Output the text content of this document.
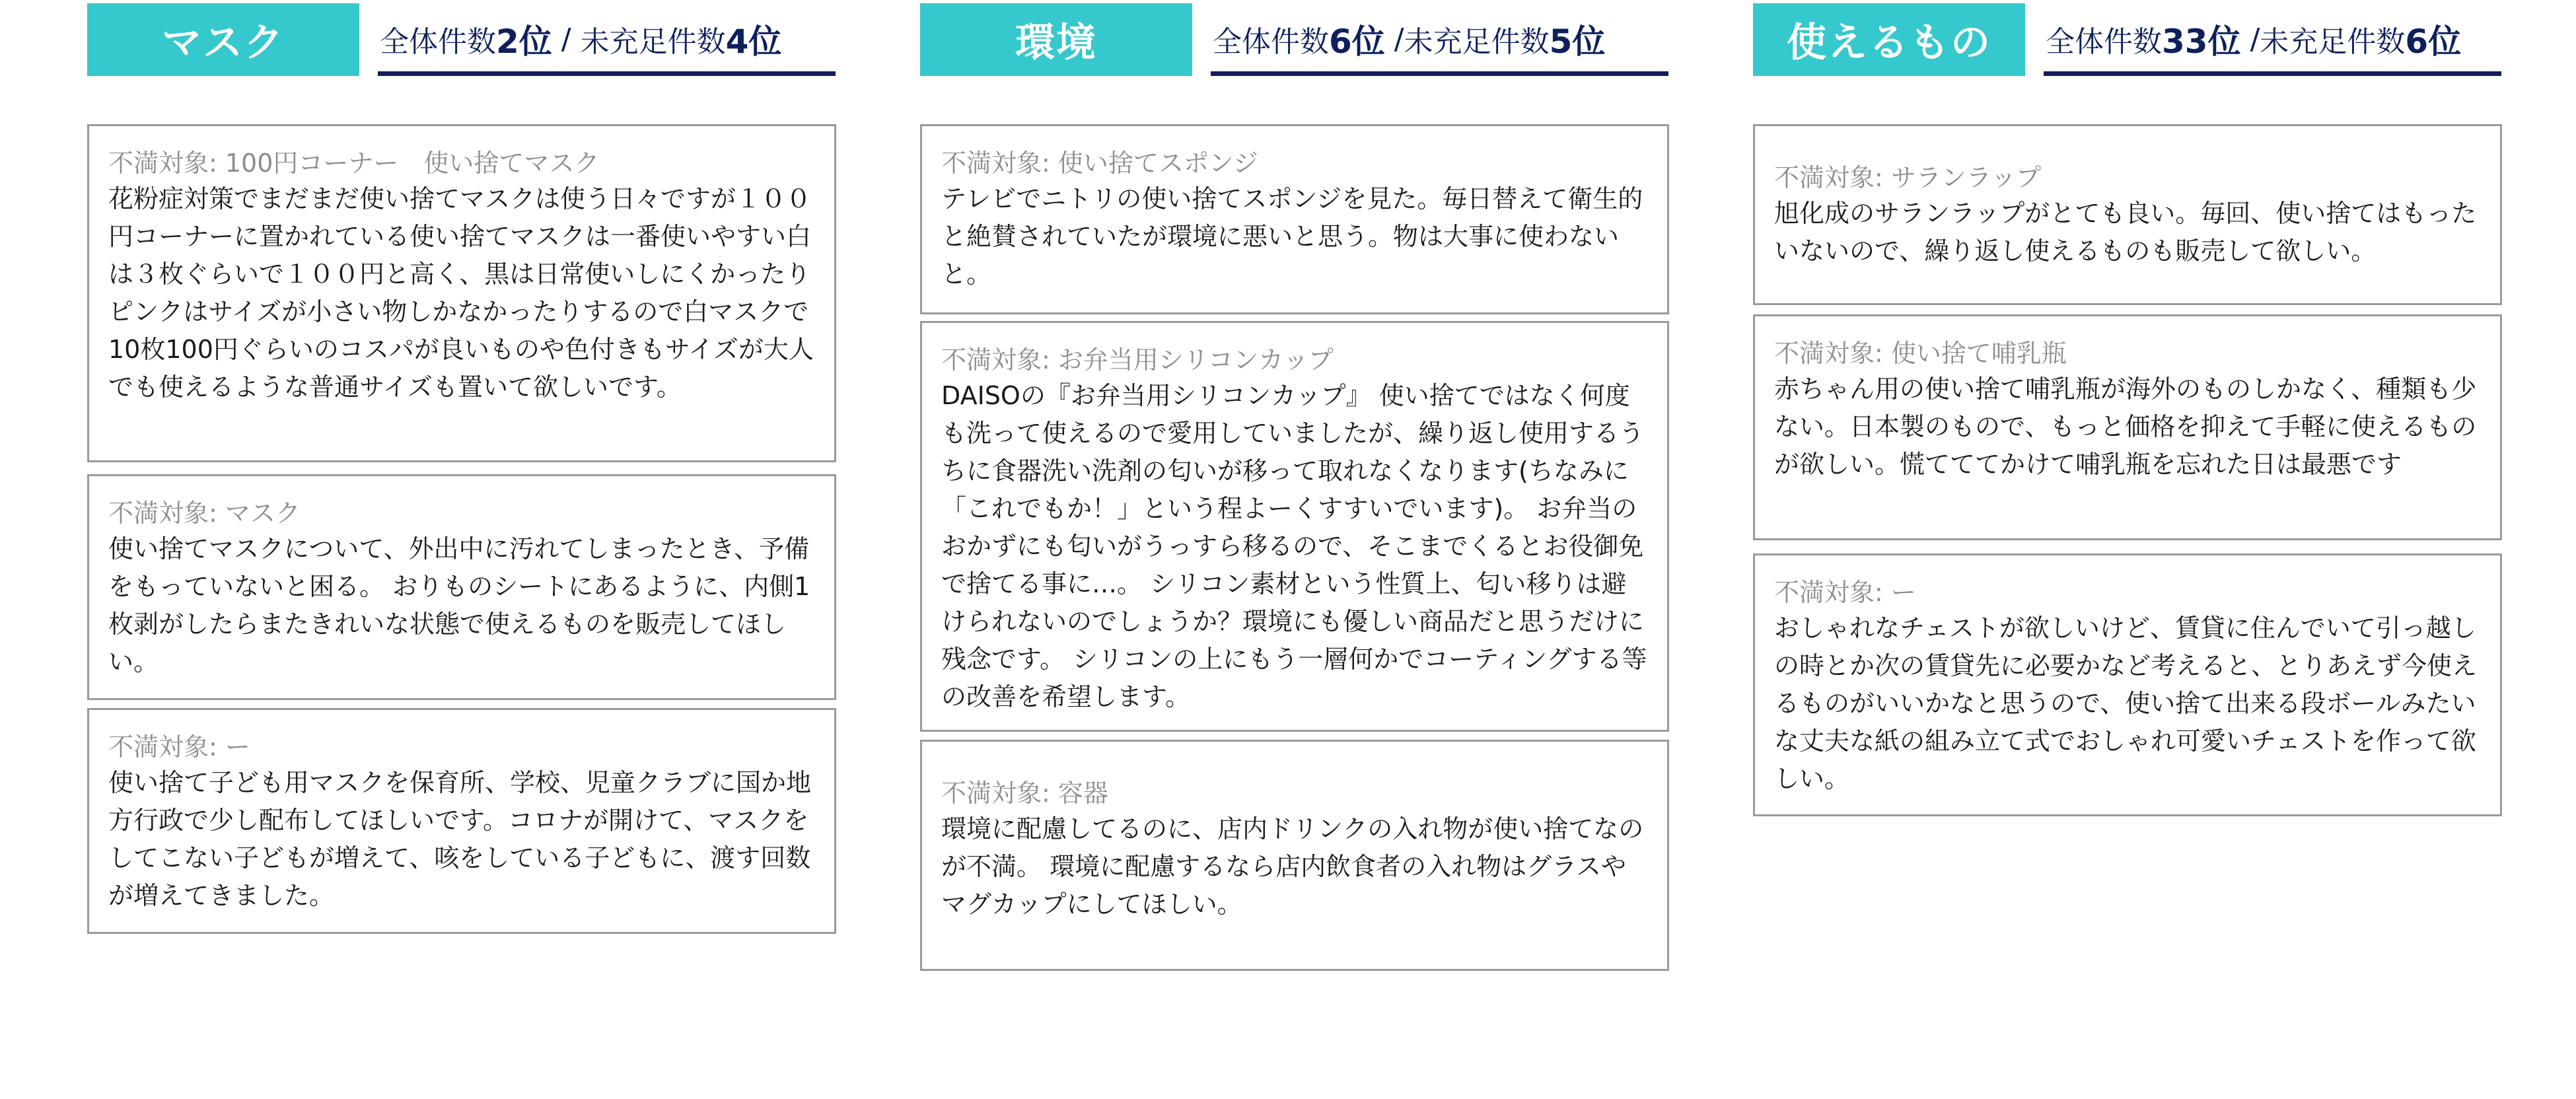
マスク	全体件数 2位 / 未充足件数 4位
不満対象: 100円コーナー　使い捨てマスク
花粉症対策でまだまだ使い捨てマスクは使う日々ですが１００円コーナーに置かれている使い捨てマスクは一番使いやすい白は３枚ぐらいで１００円と高く、黒は日常使いしにくかったりピンクはサイズが小さい物しかなかったりするので白マスクで10枚100円ぐらいのコスパが良いものや色付きもサイズが大人でも使えるような普通サイズも置いて欲しいです。
不満対象: マスク
使い捨てマスクについて、外出中に汚れてしまったとき、予備をもっていないと困る。 おりものシートにあるように、内側1枚剥がしたらまたきれいな状態で使えるものを販売してほしい。
不満対象: ー
使い捨て子ども用マスクを保育所、学校、児童クラブに国か地方行政で少し配布してほしいです。コロナが開けて、マスクをしてこない子どもが増えて、咳をしている子どもに、渡す回数が増えてきました。
環境	全体件数 6位 / 未充足件数 5位
不満対象: 使い捨てスポンジ
テレビでニトリの使い捨てスポンジを見た。毎日替えて衛生的と絶賛されていたが環境に悪いと思う。物は大事に使わないと。
不満対象: お弁当用シリコンカップ
DAISOの『お弁当用シリコンカップ』 使い捨てではなく何度も洗って使えるので愛用していましたが、繰り返し使用するうちに食器洗い洗剤の匂いが移って取れなくなります(ちなみに「これでもか！」という程よーくすすいでいます)。 お弁当のおかずにも匂いがうっすら移るので、そこまでくるとお役御免で捨てる事に…。 シリコン素材という性質上、匂い移りは避けられないのでしょうか？環境にも優しい商品だと思うだけに残念です。 シリコンの上にもう一層何かでコーティングする等の改善を希望します。
不満対象: 容器
環境に配慮してるのに、店内ドリンクの入れ物が使い捨てなのが不満。 環境に配慮するなら店内飲食者の入れ物はグラスやマグカップにしてほしい。
使えるもの	全体件数 33位 / 未充足件数 6位
不満対象: サランラップ
旭化成のサランラップがとても良い。毎回、使い捨てはもったいないので、繰り返し使えるものも販売して欲しい。
不満対象: 使い捨て哺乳瓶
赤ちゃん用の使い捨て哺乳瓶が海外のものしかなく、種類も少ない。日本製のもので、もっと価格を抑えて手軽に使えるものが欲しい。慌てててかけて哺乳瓶を忘れた日は最悪です
不満対象: ー
おしゃれなチェストが欲しいけど、賃貸に住んでいて引っ越しの時とか次の賃貸先に必要かなど考えると、とりあえず今使えるものがいいかなと思うので、使い捨て出来る段ボールみたいな丈夫な紙の組み立て式でおしゃれ可愛いチェストを作って欲しい。
